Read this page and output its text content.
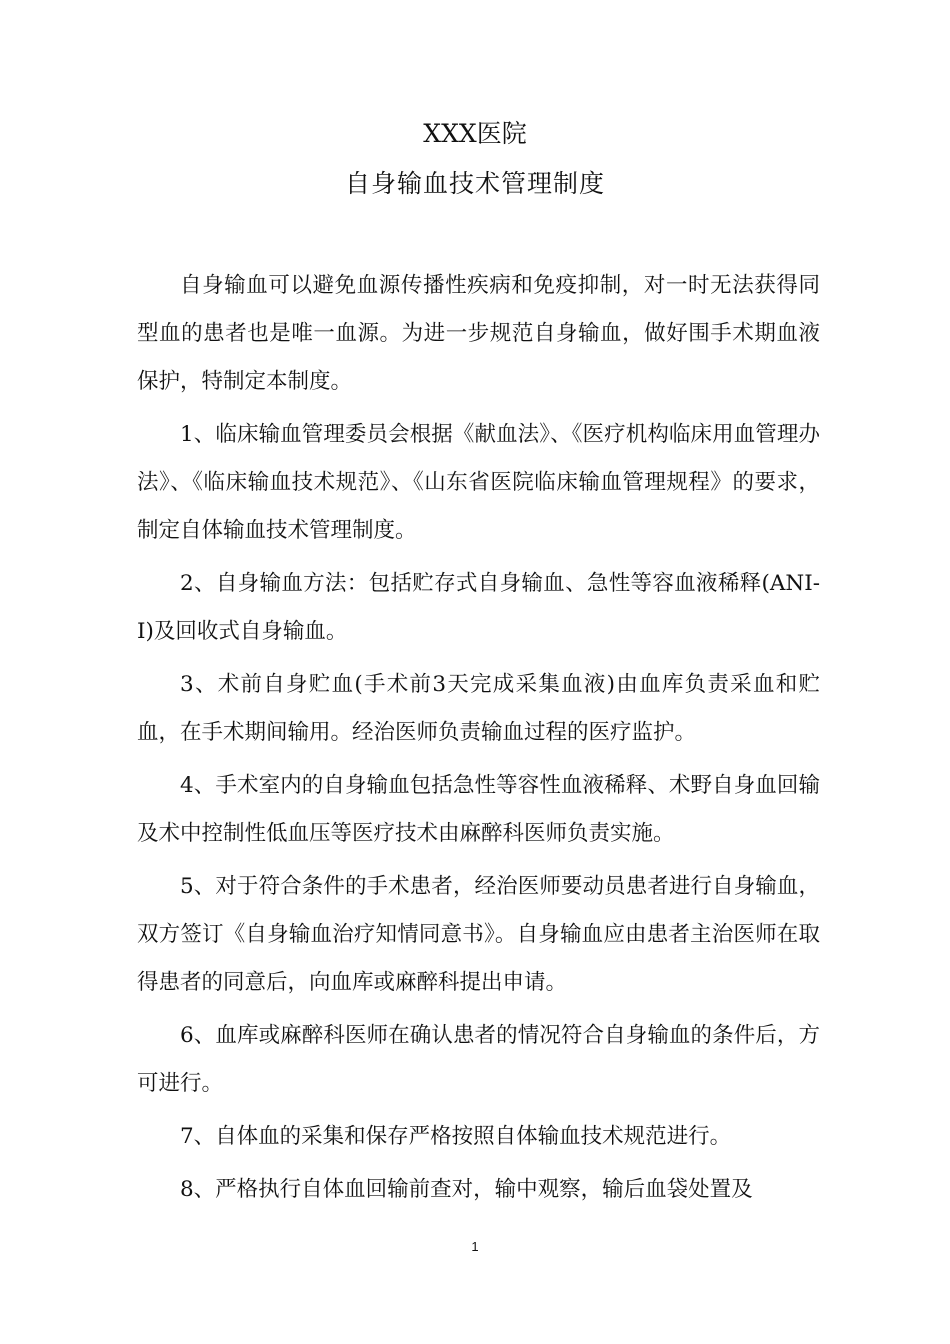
XXX医院
自身输血技术管理制度

自身输血可以避免血源传播性疾病和免疫抑制，对一时无法获得同型血的患者也是唯一血源。为进一步规范自身输血，做好围手术期血液保护，特制定本制度。

1、临床输血管理委员会根据《献血法》、《医疗机构临床用血管理办法》、《临床输血技术规范》、《山东省医院临床输血管理规程》的要求，制定自体输血技术管理制度。

2、自身输血方法：包括贮存式自身输血、急性等容血液稀释(ANI-I)及回收式自身输血。

3、术前自身贮血(手术前3天完成采集血液)由血库负责采血和贮血，在手术期间输用。经治医师负责输血过程的医疗监护。

4、手术室内的自身输血包括急性等容性血液稀释、术野自身血回输及术中控制性低血压等医疗技术由麻醉科医师负责实施。

5、对于符合条件的手术患者，经治医师要动员患者进行自身输血，双方签订《自身输血治疗知情同意书》。自身输血应由患者主治医师在取得患者的同意后，向血库或麻醉科提出申请。

6、血库或麻醉科医师在确认患者的情况符合自身输血的条件后，方可进行。

7、自体血的采集和保存严格按照自体输血技术规范进行。

8、严格执行自体血回输前查对，输中观察，输后血袋处置及

1
